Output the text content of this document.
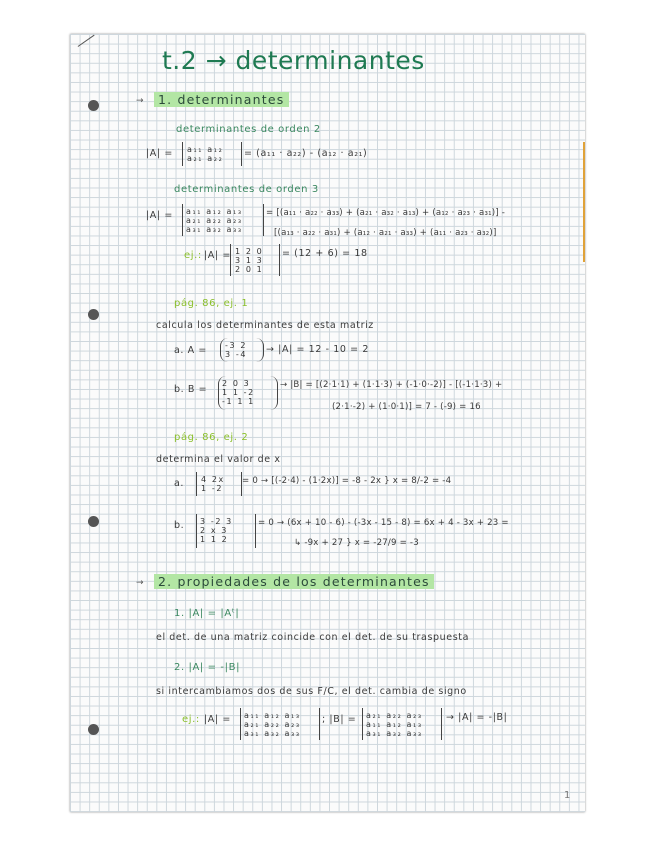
t.2 → determinantes
→	1. determinantes
determinantes de orden 2
|A| =	a₁₁ a₁₂
a₂₁ a₂₂	= (a₁₁ · a₂₂) - (a₁₂ · a₂₁)
determinantes de orden 3
|A| =	a₁₁ a₁₂ a₁₃
a₂₁ a₂₂ a₂₃
a₃₁ a₃₂ a₃₃
= [(a₁₁ · a₂₂ · a₃₃) + (a₂₁ · a₃₂ · a₁₃) + (a₁₂ · a₂₃ · a₃₁)] -
[(a₁₃ · a₂₂ · a₃₁) + (a₁₂ · a₂₁ · a₃₃) + (a₁₁ · a₂₃ · a₃₂)]
ej.: |A| = 1 2 0
3 1 3
2 0 1
= (12 + 6) = 18
pág. 86, ej. 1
calcula los determinantes de esta matriz
a. A =	-3 2
3 -4	→ |A| = 12 - 10 = 2
b. B =
2 0 3
1 1 -2
-1 1 1
→ |B| = [(2·1·1) + (1·1·3) + (-1·0·-2)] - [(-1·1·3) +
(2·1·-2) + (1·0·1)] = 7 - (-9) = 16
pág. 86, ej. 2
determina el valor de x
a.	4 2x
1 -2
= 0 → [(-2·4) - (1·2x)] = -8 - 2x } x = 8/-2 = -4
b.	3 -2 3
2 x 3
1 1 2
= 0 → (6x + 10 - 6) - (-3x - 15 - 8) = 6x + 4 - 3x + 23 =
↳ -9x + 27 } x = -27/9 = -3
→	2. propiedades de los determinantes
1. |A| = |Aᵗ|
el det. de una matriz coincide con el det. de su traspuesta
2. |A| = -|B|
si intercambiamos dos de sus F/C, el det. cambia de signo
ej.: |A| =	a₁₁ a₁₂ a₁₃
a₂₁ a₂₂ a₂₃
a₃₁ a₃₂ a₃₃
; |B| =	a₂₁ a₂₂ a₂₃
a₁₁ a₁₂ a₁₃
a₃₁ a₃₂ a₃₃
→ |A| = -|B|
1
